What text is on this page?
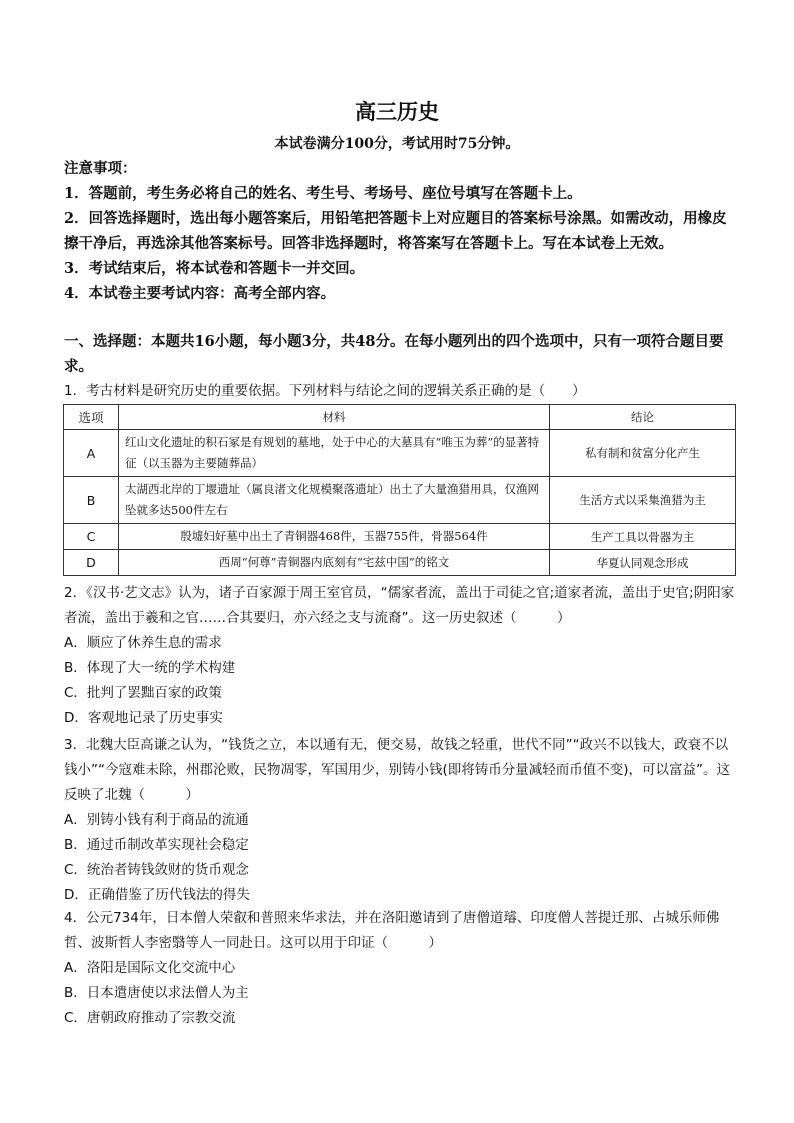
高三历史
本试卷满分100分，考试用时75分钟。

注意事项：

1．答题前，考生务必将自己的姓名、考生号、考场号、座位号填写在答题卡上。

2．回答选择题时，选出每小题答案后，用铅笔把答题卡上对应题目的答案标号涂黑。如需改动，用橡皮擦干净后，再选涂其他答案标号。回答非选择题时，将答案写在答题卡上。写在本试卷上无效。

3．考试结束后，将本试卷和答题卡一并交回。

4．本试卷主要考试内容：高考全部内容。

一、选择题：本题共16小题，每小题3分，共48分。在每小题列出的四个选项中，只有一项符合题目要求。
1．考古材料是研究历史的重要依据。下列材料与结论之间的逻辑关系正确的是（　　）
选项	材料	结论
A	红山文化遗址的积石冢是有规划的墓地，处于中心的大墓具有“唯玉为葬”的显著特征（以玉器为主要随葬品）	私有制和贫富分化产生
B	太湖西北岸的丁堰遗址（属良渚文化规模聚落遗址）出土了大量渔猎用具，仅渔网坠就多达500件左右	生活方式以采集渔猎为主
C	殷墟妇好墓中出土了青铜器468件，玉器755件，骨器564件	生产工具以骨器为主
D	西周“何尊”青铜器内底刻有“宅兹中国”的铭文	华夏认同观念形成

2．《汉书·艺文志》认为，诸子百家源于周王室官员，“儒家者流，盖出于司徒之官;道家者流，盖出于史官;阴阳家者流，盖出于羲和之官……合其要归，亦六经之支与流裔”。这一历史叙述（　　　）

A．顺应了休养生息的需求

B．体现了大一统的学术构建

C．批判了罢黜百家的政策

D．客观地记录了历史事实

3．北魏大臣高谦之认为，“钱货之立，本以通有无，便交易，故钱之轻重，世代不同”“政兴不以钱大，政衰不以钱小”“今寇难未除，州郡沦败，民物凋零，军国用少，别铸小钱(即将铸币分量减轻而币值不变)，可以富益”。这反映了北魏（　　　）

A．别铸小钱有利于商品的流通

B．通过币制改革实现社会稳定

C．统治者铸钱敛财的货币观念

D．正确借鉴了历代钱法的得失

4．公元734年，日本僧人荣叡和普照来华求法，并在洛阳邀请到了唐僧道璿、印度僧人菩提迁那、占城乐师佛哲、波斯哲人李密翳等人一同赴日。这可以用于印证（　　　）

A．洛阳是国际文化交流中心

B．日本遣唐使以求法僧人为主

C．唐朝政府推动了宗教交流
